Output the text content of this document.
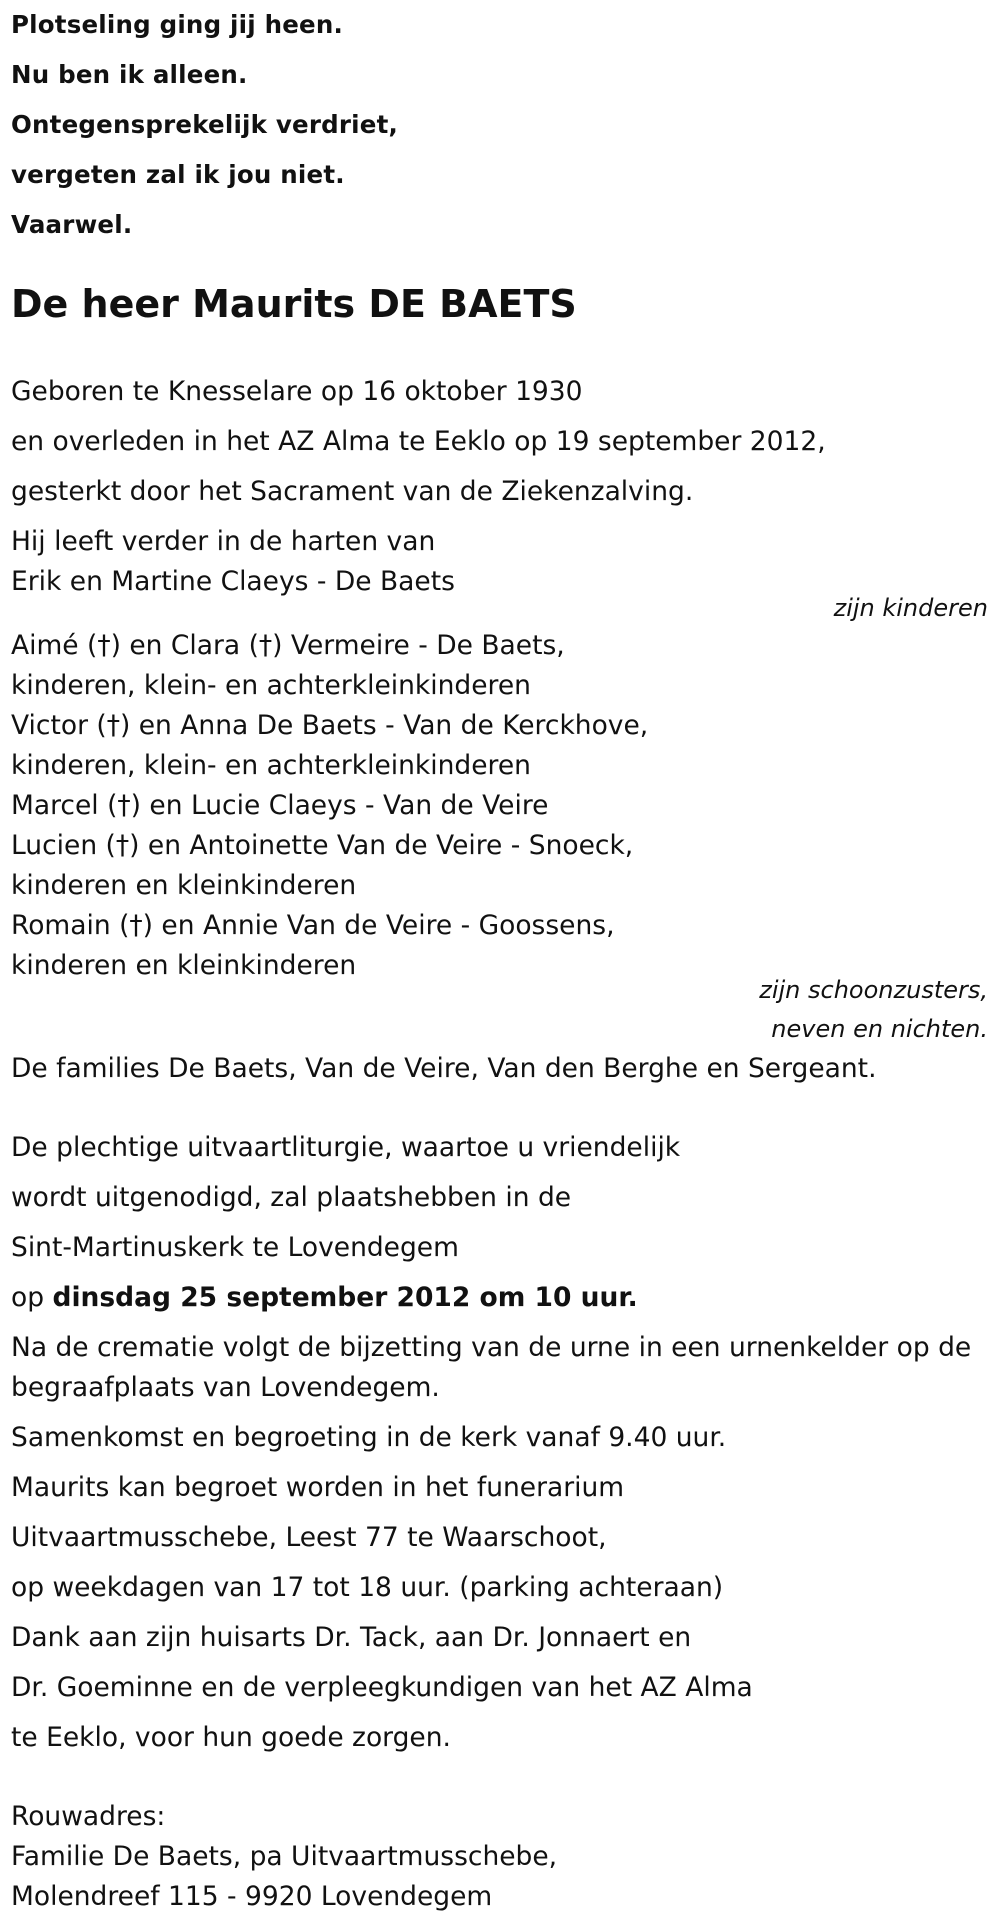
Plotseling ging jij heen.
Nu ben ik alleen.
Ontegensprekelijk verdriet,
vergeten zal ik jou niet.
Vaarwel.
De heer Maurits DE BAETS
Geboren te Knesselare op 16 oktober 1930
en overleden in het AZ Alma te Eeklo op 19 september 2012,
gesterkt door het Sacrament van de Ziekenzalving.
Hij leeft verder in de harten van
Erik en Martine Claeys - De Baets
zijn kinderen
Aimé (†) en Clara (†) Vermeire - De Baets,
kinderen, klein- en achterkleinkinderen
Victor (†) en Anna De Baets - Van de Kerckhove,
kinderen, klein- en achterkleinkinderen
Marcel (†) en Lucie Claeys - Van de Veire
Lucien (†) en Antoinette Van de Veire - Snoeck,
kinderen en kleinkinderen
Romain (†) en Annie Van de Veire - Goossens,
kinderen en kleinkinderen
zijn schoonzusters,
neven en nichten.
De families De Baets, Van de Veire, Van den Berghe en Sergeant.
De plechtige uitvaartliturgie, waartoe u vriendelijk
wordt uitgenodigd, zal plaatshebben in de
Sint-Martinuskerk te Lovendegem
op dinsdag 25 september 2012 om 10 uur.
Na de crematie volgt de bijzetting van de urne in een urnenkelder op de
begraafplaats van Lovendegem.
Samenkomst en begroeting in de kerk vanaf 9.40 uur.
Maurits kan begroet worden in het funerarium
Uitvaartmusschebe, Leest 77 te Waarschoot,
op weekdagen van 17 tot 18 uur. (parking achteraan)
Dank aan zijn huisarts Dr. Tack, aan Dr. Jonnaert en
Dr. Goeminne en de verpleegkundigen van het AZ Alma
te Eeklo, voor hun goede zorgen.
Rouwadres:
Familie De Baets, pa Uitvaartmusschebe,
Molendreef 115 - 9920 Lovendegem
